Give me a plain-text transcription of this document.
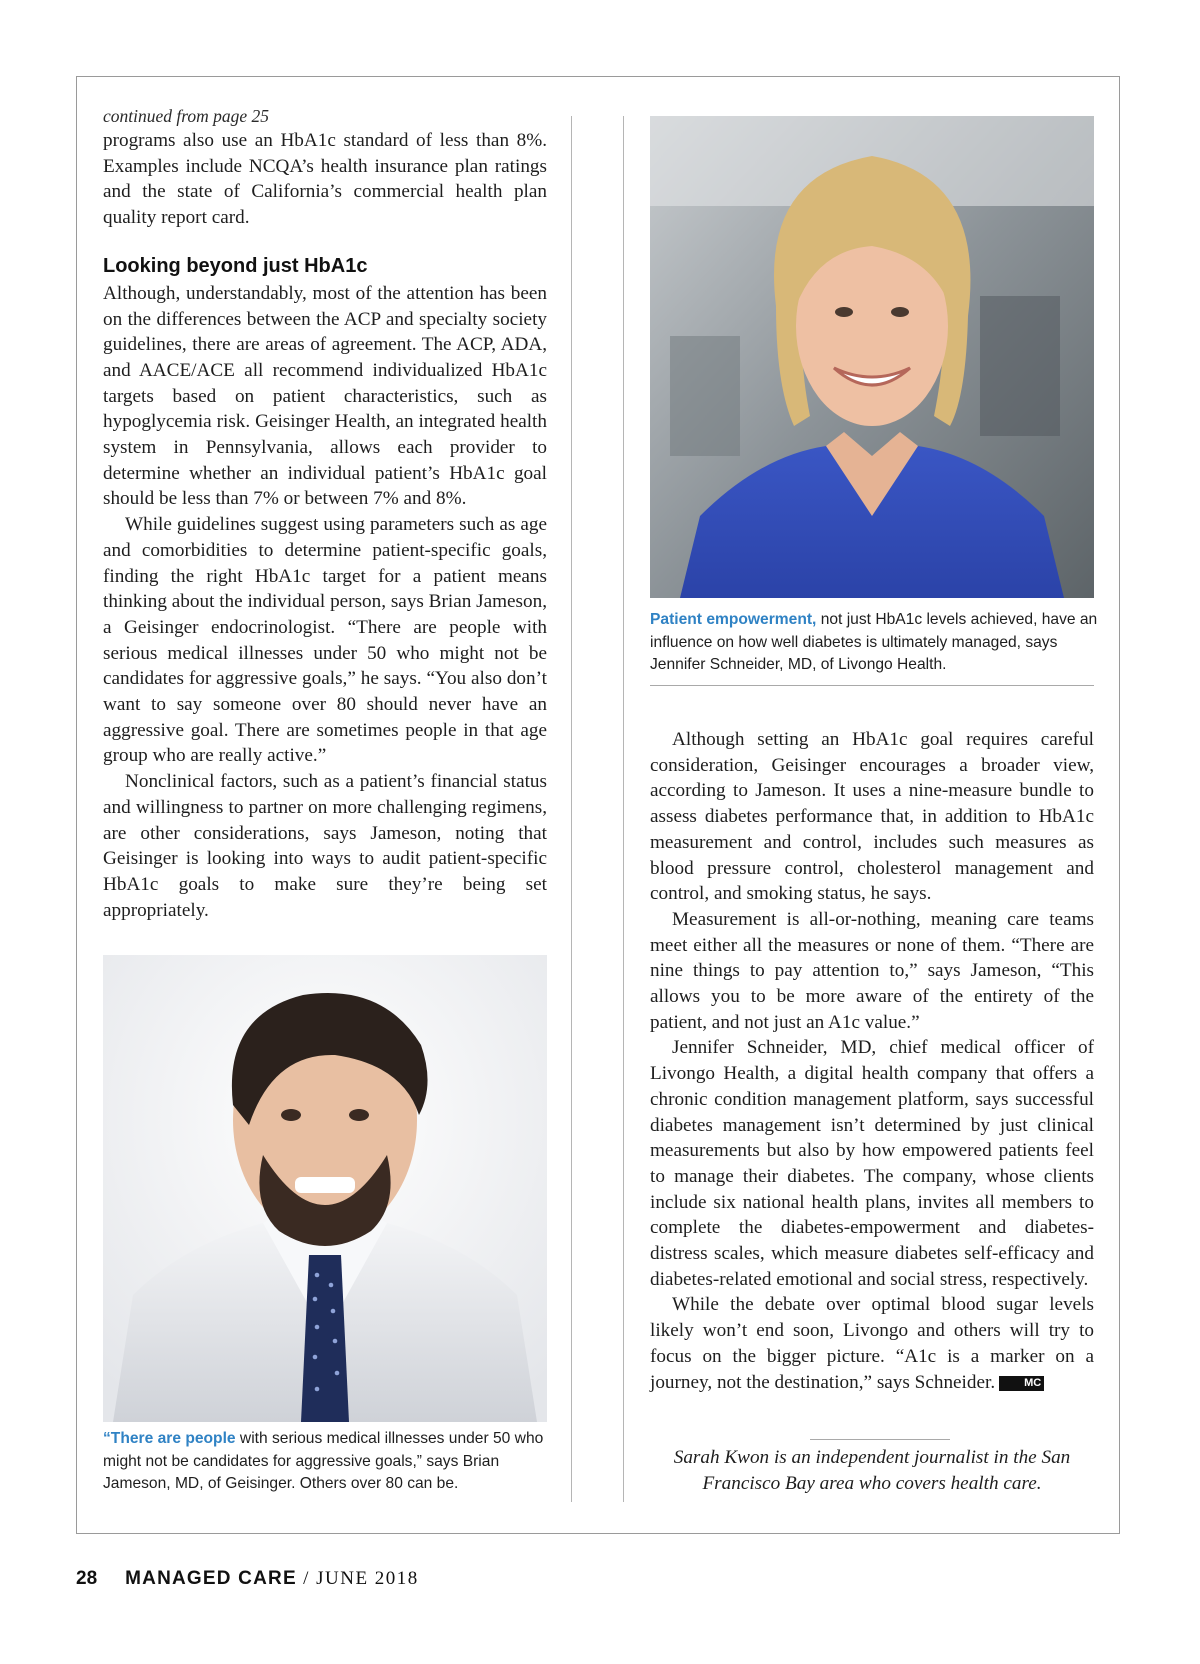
continued from page 25

programs also use an HbA1c standard of less than 8%. Examples include NCQA’s health insurance plan ratings and the state of California’s commercial health plan quality report card.

Looking beyond just HbA1c

Although, understandably, most of the attention has been on the differences between the ACP and specialty society guidelines, there are areas of agreement. The ACP, ADA, and AACE/ACE all recommend individualized HbA1c targets based on patient characteristics, such as hypoglycemia risk. Geisinger Health, an integrated health system in Pennsylvania, allows each provider to determine whether an individual patient’s HbA1c goal should be less than 7% or between 7% and 8%.

While guidelines suggest using parameters such as age and comorbidities to determine patient-specific goals, finding the right HbA1c target for a patient means thinking about the individual person, says Brian Jameson, a Geisinger endocrinologist. “There are people with serious medical illnesses under 50 who might not be candidates for aggressive goals,” he says. “You also don’t want to say someone over 80 should never have an aggressive goal. There are sometimes people in that age group who are really active.”

Nonclinical factors, such as a patient’s financial status and willingness to partner on more challenging regimens, are other considerations, says Jameson, noting that Geisinger is looking into ways to audit patient-specific HbA1c goals to make sure they’re being set appropriately.

“There are people with serious medical illnesses under 50 who might not be candidates for aggressive goals,” says Brian Jameson, MD, of Geisinger. Others over 80 can be.
Patient empowerment, not just HbA1c levels achieved, have an influence on how well diabetes is ultimately managed, says Jennifer Schneider, MD, of Livongo Health.

Although setting an HbA1c goal requires careful consideration, Geisinger encourages a broader view, according to Jameson. It uses a nine-measure bundle to assess diabetes performance that, in addition to HbA1c measurement and control, includes such measures as blood pressure control, cholesterol management and control, and smoking status, he says.

Measurement is all-or-nothing, meaning care teams meet either all the measures or none of them. “There are nine things to pay attention to,” says Jameson, “This allows you to be more aware of the entirety of the patient, and not just an A1c value.”

Jennifer Schneider, MD, chief medical officer of Livongo Health, a digital health company that offers a chronic condition management platform, says successful diabetes management isn’t determined by just clinical measurements but also by how empowered patients feel to manage their diabetes. The company, whose clients include six national health plans, invites all members to complete the diabetes-empowerment and diabetes-distress scales, which measure diabetes self-efficacy and diabetes-related emotional and social stress, respectively.

While the debate over optimal blood sugar levels likely won’t end soon, Livongo and others will try to focus on the bigger picture. “A1c is a marker on a journey, not the destination,” says Schneider.	MC

Sarah Kwon is an independent journalist in the San Francisco Bay area who covers health care.
28 MANAGED CARE / JUNE 2018
